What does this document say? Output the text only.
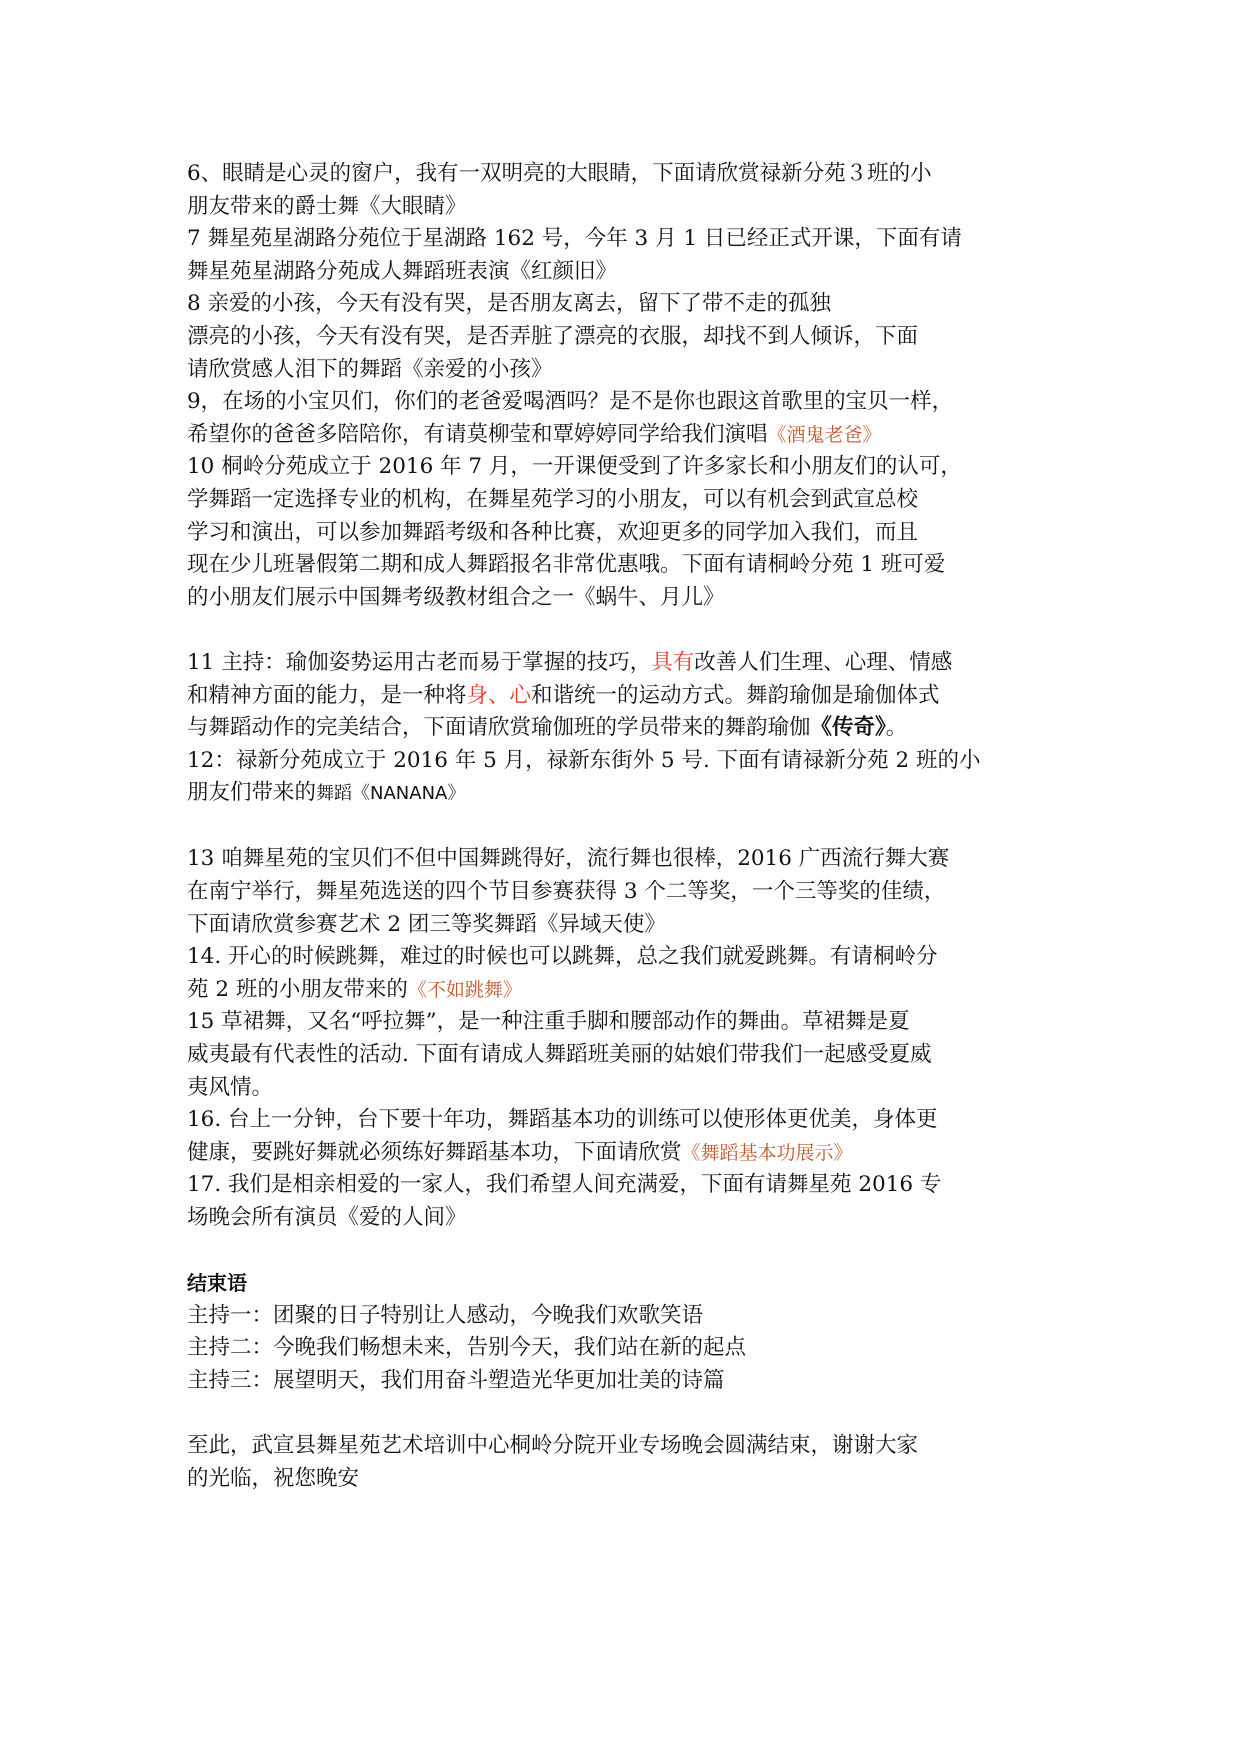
6、眼睛是心灵的窗户，我有一双明亮的大眼睛，下面请欣赏禄新分苑３班的小

朋友带来的爵士舞《大眼睛》

7 舞星苑星湖路分苑位于星湖路 162 号，今年 3 月 1 日已经正式开课，下面有请

舞星苑星湖路分苑成人舞蹈班表演《红颜旧》

8 亲爱的小孩，今天有没有哭，是否朋友离去，留下了带不走的孤独

漂亮的小孩，今天有没有哭，是否弄脏了漂亮的衣服，却找不到人倾诉，下面

请欣赏感人泪下的舞蹈《亲爱的小孩》

9，在场的小宝贝们，你们的老爸爱喝酒吗？是不是你也跟这首歌里的宝贝一样，

希望你的爸爸多陪陪你，有请莫柳莹和覃婷婷同学给我们演唱《酒鬼老爸》

10 桐岭分苑成立于 2016 年 7 月，一开课便受到了许多家长和小朋友们的认可，

学舞蹈一定选择专业的机构，在舞星苑学习的小朋友，可以有机会到武宣总校

学习和演出，可以参加舞蹈考级和各种比赛，欢迎更多的同学加入我们，而且

现在少儿班暑假第二期和成人舞蹈报名非常优惠哦。下面有请桐岭分苑 1 班可爱

的小朋友们展示中国舞考级教材组合之一《蜗牛、月儿》

11 主持：瑜伽姿势运用古老而易于掌握的技巧，具有改善人们生理、心理、情感

和精神方面的能力，是一种将身、心和谐统一的运动方式。舞韵瑜伽是瑜伽体式

与舞蹈动作的完美结合，下面请欣赏瑜伽班的学员带来的舞韵瑜伽《传奇》。

12：禄新分苑成立于 2016 年 5 月，禄新东街外 5 号. 下面有请禄新分苑 2 班的小

朋友们带来的舞蹈《NANANA》

13 咱舞星苑的宝贝们不但中国舞跳得好，流行舞也很棒，2016 广西流行舞大赛

在南宁举行，舞星苑选送的四个节目参赛获得 3 个二等奖，一个三等奖的佳绩，

下面请欣赏参赛艺术 2 团三等奖舞蹈《异域天使》

14. 开心的时候跳舞，难过的时候也可以跳舞，总之我们就爱跳舞。有请桐岭分

苑 2 班的小朋友带来的《不如跳舞》

15 草裙舞，又名“呼拉舞”，是一种注重手脚和腰部动作的舞曲。草裙舞是夏

威夷最有代表性的活动. 下面有请成人舞蹈班美丽的姑娘们带我们一起感受夏威

夷风情。

16. 台上一分钟，台下要十年功，舞蹈基本功的训练可以使形体更优美，身体更

健康，要跳好舞就必须练好舞蹈基本功，下面请欣赏《舞蹈基本功展示》

17. 我们是相亲相爱的一家人，我们希望人间充满爱，下面有请舞星苑 2016 专

场晚会所有演员《爱的人间》

结束语

主持一：团聚的日子特别让人感动，今晚我们欢歌笑语

主持二：今晚我们畅想未来，告别今天，我们站在新的起点

主持三：展望明天，我们用奋斗塑造光华更加壮美的诗篇

至此，武宣县舞星苑艺术培训中心桐岭分院开业专场晚会圆满结束，谢谢大家

的光临，祝您晚安
